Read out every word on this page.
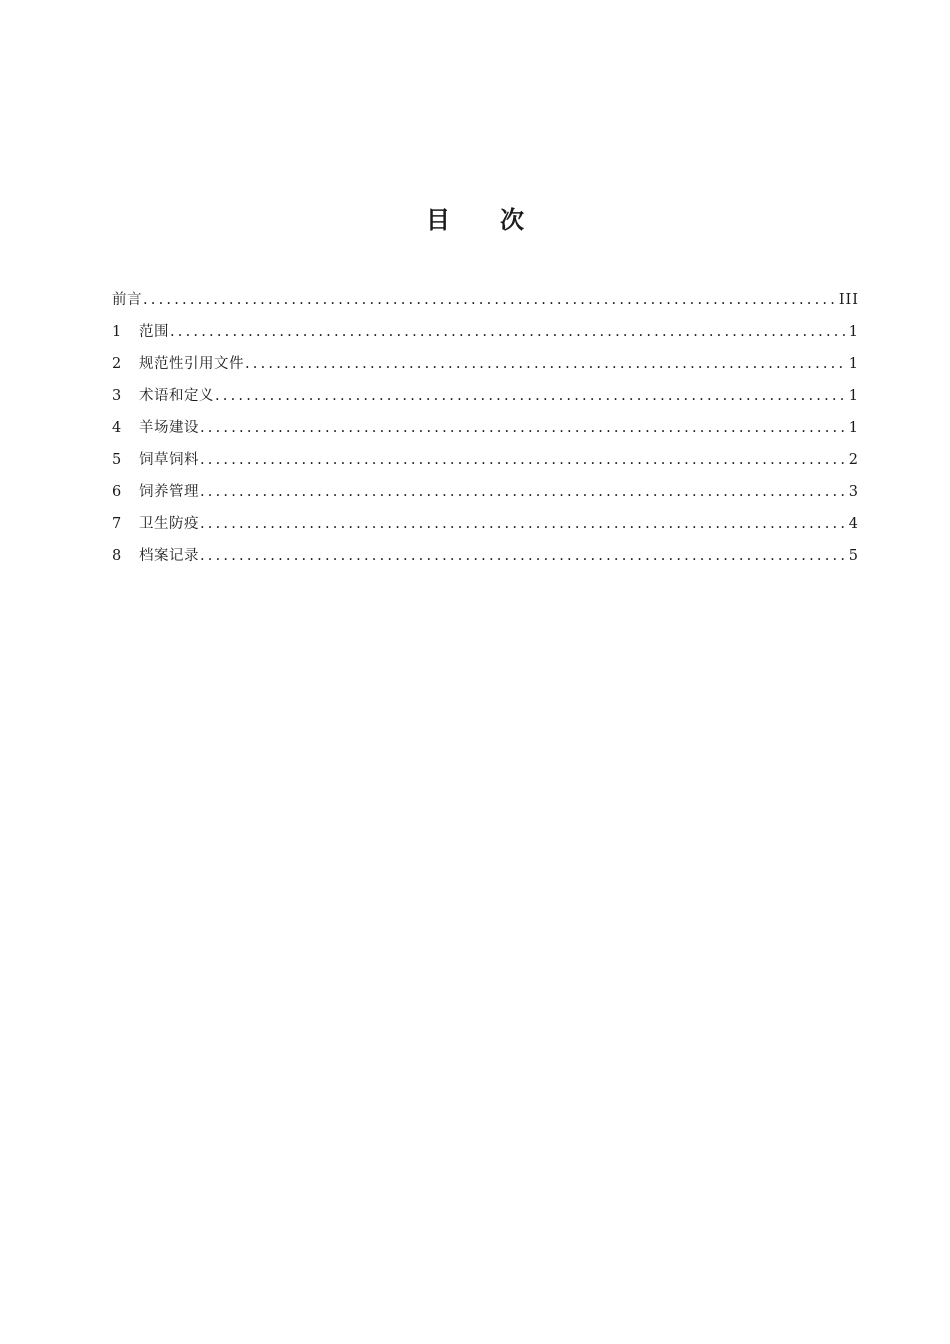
目 次
前言 .....	III
1	范围 .....	1
2	规范性引用文件 .....	1
3	术语和定义 .....	1
4	羊场建设 .....	1
5	饲草饲料 .....	2
6	饲养管理 .....	3
7	卫生防疫 .....	4
8	档案记录 .....	5
